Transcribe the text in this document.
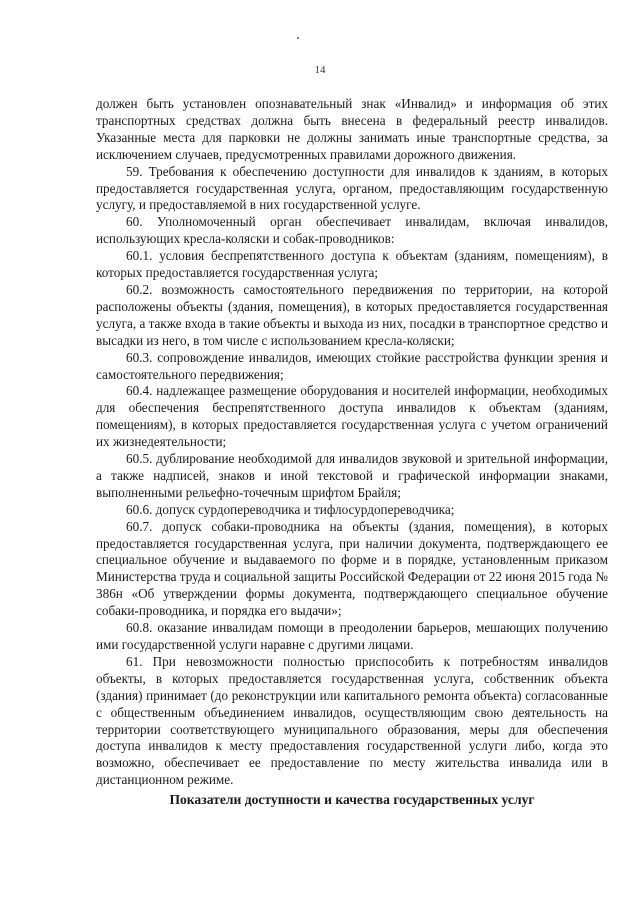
14

должен быть установлен опознавательный знак «Инвалид» и информация об этих транспортных средствах должна быть внесена в федеральный реестр инвалидов. Указанные места для парковки не должны занимать иные транспортные средства, за исключением случаев, предусмотренных правилами дорожного движения.

59. Требования к обеспечению доступности для инвалидов к зданиям, в которых предоставляется государственная услуга, органом, предоставляющим государственную услугу, и предоставляемой в них государственной услуге.

60. Уполномоченный орган обеспечивает инвалидам, включая инвалидов, использующих кресла-коляски и собак-проводников:

60.1. условия беспрепятственного доступа к объектам (зданиям, помещениям), в которых предоставляется государственная услуга;

60.2. возможность самостоятельного передвижения по территории, на которой расположены объекты (здания, помещения), в которых предоставляется государственная услуга, а также входа в такие объекты и выхода из них, посадки в транспортное средство и высадки из него, в том числе с использованием кресла-коляски;

60.3. сопровождение инвалидов, имеющих стойкие расстройства функции зрения и самостоятельного передвижения;

60.4. надлежащее размещение оборудования и носителей информации, необходимых для обеспечения беспрепятственного доступа инвалидов к объектам (зданиям, помещениям), в которых предоставляется государственная услуга с учетом ограничений их жизнедеятельности;

60.5. дублирование необходимой для инвалидов звуковой и зрительной информации, а также надписей, знаков и иной текстовой и графической информации знаками, выполненными рельефно-точечным шрифтом Брайля;

60.6. допуск сурдопереводчика и тифлосурдопереводчика;

60.7. допуск собаки-проводника на объекты (здания, помещения), в которых предоставляется государственная услуга, при наличии документа, подтверждающего ее специальное обучение и выдаваемого по форме и в порядке, установленным приказом Министерства труда и социальной защиты Российской Федерации от 22 июня 2015 года № 386н «Об утверждении формы документа, подтверждающего специальное обучение собаки-проводника, и порядка его выдачи»;

60.8. оказание инвалидам помощи в преодолении барьеров, мешающих получению ими государственной услуги наравне с другими лицами.

61. При невозможности полностью приспособить к потребностям инвалидов объекты, в которых предоставляется государственная услуга, собственник объекта (здания) принимает (до реконструкции или капитального ремонта объекта) согласованные с общественным объединением инвалидов, осуществляющим свою деятельность на территории соответствующего муниципального образования, меры для обеспечения доступа инвалидов к месту предоставления государственной услуги либо, когда это возможно, обеспечивает ее предоставление по месту жительства инвалида или в дистанционном режиме.

Показатели доступности и качества государственных услуг
